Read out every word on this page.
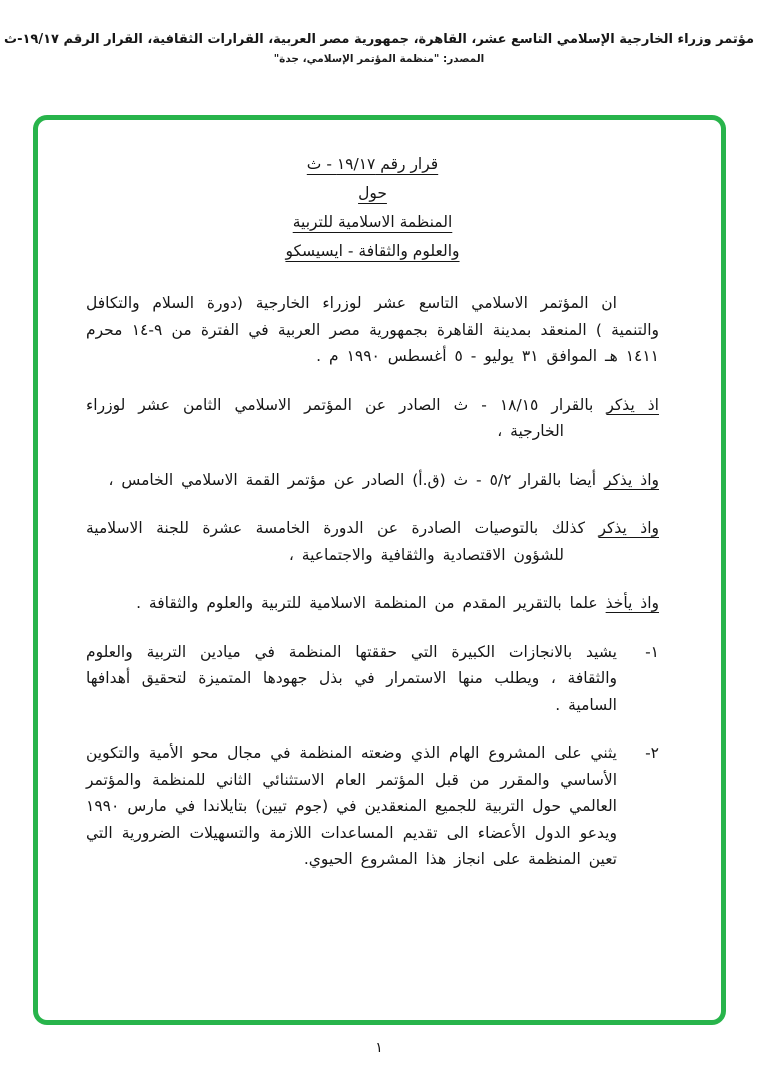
مؤتمر وزراء الخارجية الإسلامي التاسع عشر، القاهرة، جمهورية مصر العربية، القرارات الثقافية، القرار الرقم ١٩/١٧-ث
المصدر: "منظمة المؤتمر الإسلامي، جدة"
قرار رقم ١٩/١٧ - ث
حول
المنظمة الاسلامية للتربية
والعلوم والثقافة - ايسيسكو

ان المؤتمر الاسلامي التاسع عشر لوزراء الخارجية (دورة السلام والتكافل والتنمية ) المنعقد بمدينة القاهرة بجمهورية مصر العربية في الفترة من ٩-١٤ محرم ١٤١١ هـ الموافق ٣١ يوليو - ٥ أغسطس ١٩٩٠ م .

اذ يذكر بالقرار ١٨/١٥ - ث الصادر عن المؤتمر الاسلامي الثامن عشر لوزراء الخارجية ،

واذ يذكر أيضا بالقرار ٥/٢ - ث (ق.أ) الصادر عن مؤتمر القمة الاسلامي الخامس ،

واذ يذكر كذلك بالتوصيات الصادرة عن الدورة الخامسة عشرة للجنة الاسلامية للشؤون الاقتصادية والثقافية والاجتماعية ،

واذ يأخذ علما بالتقرير المقدم من المنظمة الاسلامية للتربية والعلوم والثقافة .

١-
يشيد بالانجازات الكبيرة التي حققتها المنظمة في ميادين التربية والعلوم والثقافة ، ويطلب منها الاستمرار في بذل جهودها المتميزة لتحقيق أهدافها السامية .
٢-
يثني على المشروع الهام الذي وضعته المنظمة في مجال محو الأمية والتكوين الأساسي والمقرر من قبل المؤتمر العام الاستثنائي الثاني للمنظمة والمؤتمر العالمي حول التربية للجميع المنعقدين في (جوم تيين) بتايلاندا في مارس ١٩٩٠ ويدعو الدول الأعضاء الى تقديم المساعدات اللازمة والتسهيلات الضرورية التي تعين المنظمة على انجاز هذا المشروع الحيوي.
١
